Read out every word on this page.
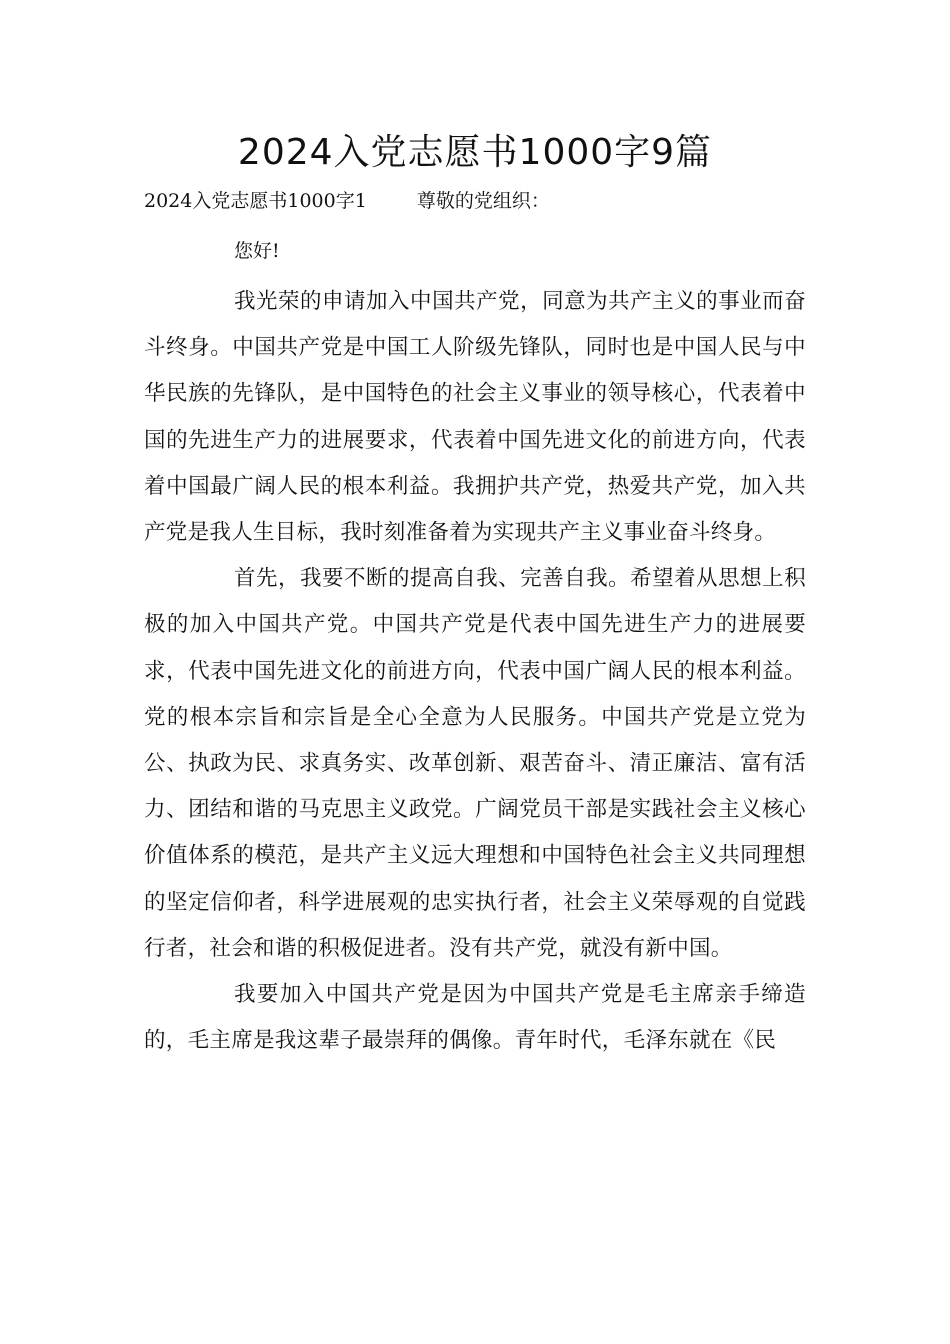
2024入党志愿书1000字9篇
2024入党志愿书1000字1	尊敬的党组织：
您好!

我光荣的申请加入中国共产党，同意为共产主义的事业而奋斗终身。中国共产党是中国工人阶级先锋队，同时也是中国人民与中华民族的先锋队，是中国特色的社会主义事业的领导核心，代表着中国的先进生产力的进展要求，代表着中国先进文化的前进方向，代表着中国最广阔人民的根本利益。我拥护共产党，热爱共产党，加入共产党是我人生目标，我时刻准备着为实现共产主义事业奋斗终身。

首先，我要不断的提高自我、完善自我。希望着从思想上积极的加入中国共产党。中国共产党是代表中国先进生产力的进展要求，代表中国先进文化的前进方向，代表中国广阔人民的根本利益。党的根本宗旨和宗旨是全心全意为人民服务。中国共产党是立党为公、执政为民、求真务实、改革创新、艰苦奋斗、清正廉洁、富有活力、团结和谐的马克思主义政党。广阔党员干部是实践社会主义核心价值体系的模范，是共产主义远大理想和中国特色社会主义共同理想的坚定信仰者，科学进展观的忠实执行者，社会主义荣辱观的自觉践行者，社会和谐的积极促进者。没有共产党，就没有新中国。

我要加入中国共产党是因为中国共产党是毛主席亲手缔造的，毛主席是我这辈子最崇拜的偶像。青年时代，毛泽东就在《民
